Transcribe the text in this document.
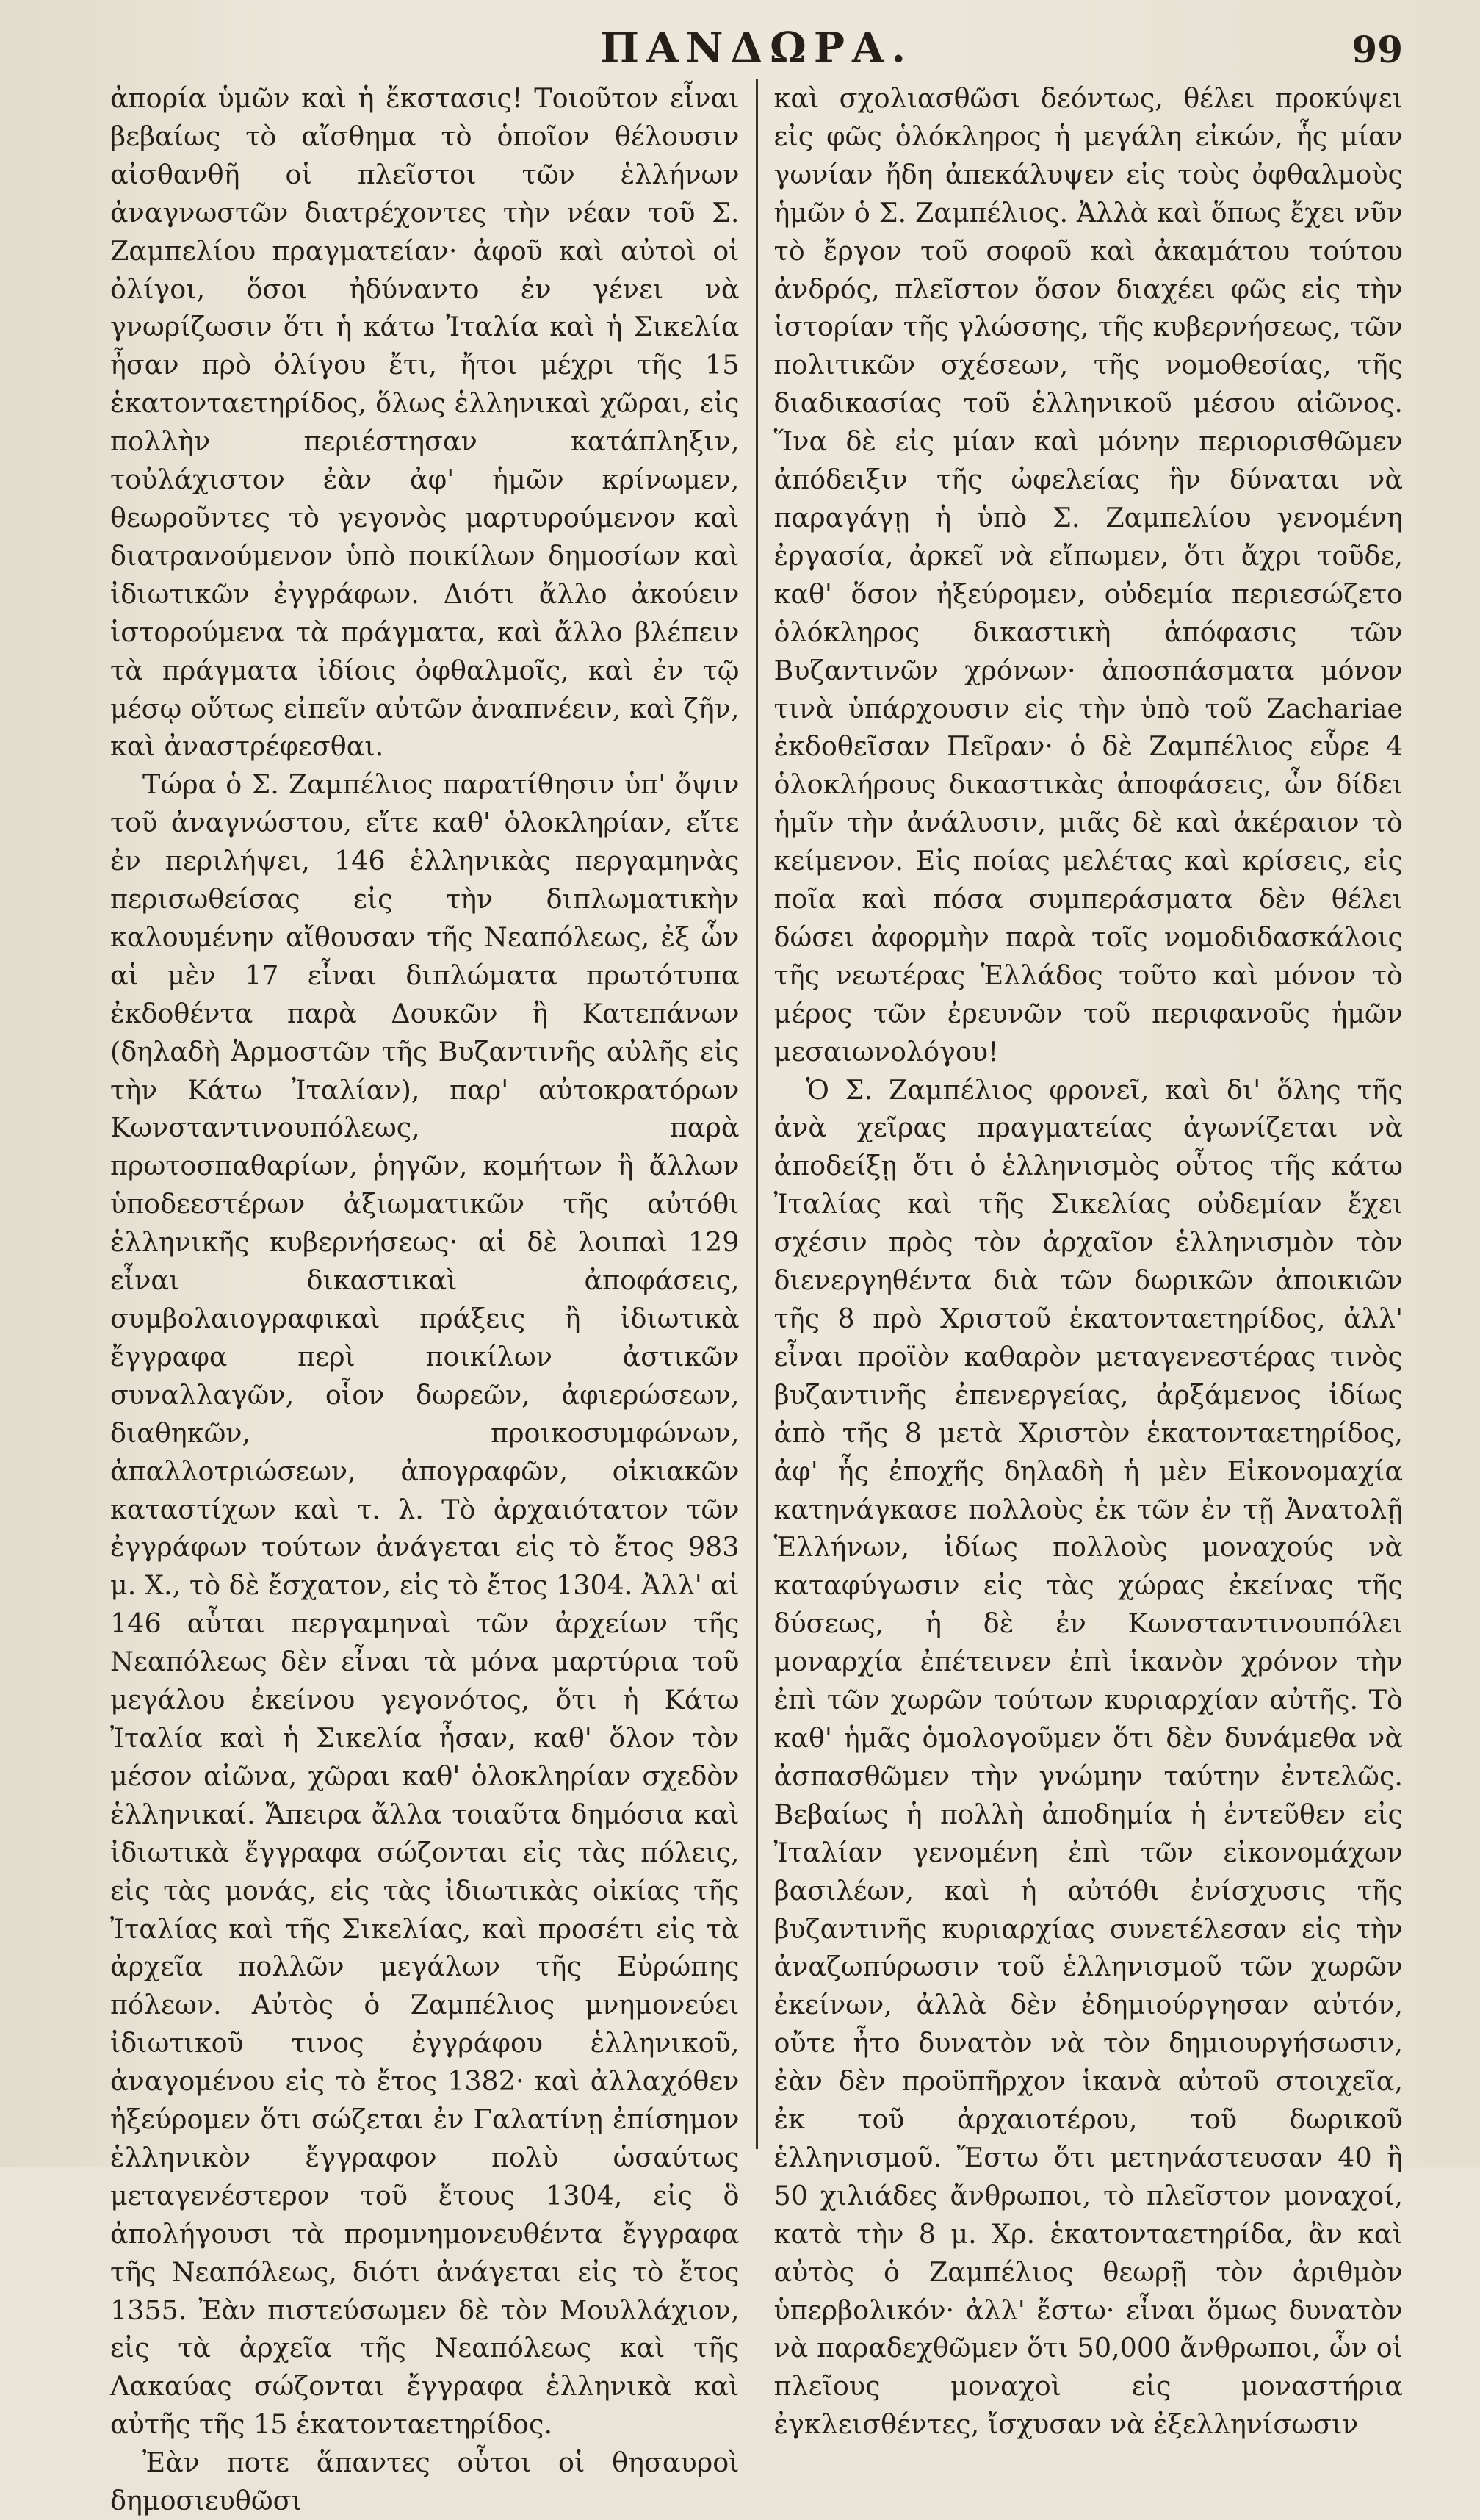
ΠΑΝΔΩΡΑ.	99

ἀπορία ὑμῶν καὶ ἡ ἔκστασις! Τοιοῦτον εἶναι βεβαίως τὸ αἴσθημα τὸ ὁποῖον θέλουσιν αἰσθανθῆ οἱ πλεῖστοι τῶν ἑλλήνων ἀναγνωστῶν διατρέχοντες τὴν νέαν τοῦ Σ. Ζαμπελίου πραγματείαν· ἀφοῦ καὶ αὐτοὶ οἱ ὀλίγοι, ὅσοι ἠδύναντο ἐν γένει νὰ γνωρίζωσιν ὅτι ἡ κάτω Ἰταλία καὶ ἡ Σικελία ἦσαν πρὸ ὀλίγου ἔτι, ἤτοι μέχρι τῆς 15 ἑκατονταετηρίδος, ὅλως ἑλληνικαὶ χῶραι, εἰς πολλὴν περιέστησαν κατάπληξιν, τοὐλάχιστον ἐὰν ἀφ' ἡμῶν κρίνωμεν, θεωροῦντες τὸ γεγονὸς μαρτυρούμενον καὶ διατρανούμενον ὑπὸ ποικίλων δημοσίων καὶ ἰδιωτικῶν ἐγγράφων. Διότι ἄλλο ἀκούειν ἱστορούμενα τὰ πράγματα, καὶ ἄλλο βλέπειν τὰ πράγματα ἰδίοις ὀφθαλμοῖς, καὶ ἐν τῷ μέσῳ οὕτως εἰπεῖν αὐτῶν ἀναπνέειν, καὶ ζῆν, καὶ ἀναστρέφεσθαι.

Τώρα ὁ Σ. Ζαμπέλιος παρατίθησιν ὑπ' ὄψιν τοῦ ἀναγνώστου, εἴτε καθ' ὁλοκληρίαν, εἴτε ἐν περιλήψει, 146 ἑλληνικὰς περγαμηνὰς περισωθείσας εἰς τὴν διπλωματικὴν καλουμένην αἴθουσαν τῆς Νεαπόλεως, ἐξ ὧν αἱ μὲν 17 εἶναι διπλώματα πρωτότυπα ἐκδοθέντα παρὰ Δουκῶν ἢ Κατεπάνων (δηλαδὴ Ἁρμοστῶν τῆς Βυζαντινῆς αὐλῆς εἰς τὴν Κάτω Ἰταλίαν), παρ' αὐτοκρατόρων Κωνσταντινουπόλεως, παρὰ πρωτοσπαθαρίων, ῥηγῶν, κομήτων ἢ ἄλλων ὑποδεεστέρων ἀξιωματικῶν τῆς αὐτόθι ἑλληνικῆς κυβερνήσεως· αἱ δὲ λοιπαὶ 129 εἶναι δικαστικαὶ ἀποφάσεις, συμβολαιογραφικαὶ πράξεις ἢ ἰδιωτικὰ ἔγγραφα περὶ ποικίλων ἀστικῶν συναλλαγῶν, οἷον δωρεῶν, ἀφιερώσεων, διαθηκῶν, προικοσυμφώνων, ἀπαλλοτριώσεων, ἀπογραφῶν, οἰκιακῶν καταστίχων καὶ τ. λ. Τὸ ἀρχαιότατον τῶν ἐγγράφων τούτων ἀνάγεται εἰς τὸ ἔτος 983 μ. Χ., τὸ δὲ ἔσχατον, εἰς τὸ ἔτος 1304. Ἀλλ' αἱ 146 αὗται περγαμηναὶ τῶν ἀρχείων τῆς Νεαπόλεως δὲν εἶναι τὰ μόνα μαρτύρια τοῦ μεγάλου ἐκείνου γεγονότος, ὅτι ἡ Κάτω Ἰταλία καὶ ἡ Σικελία ἦσαν, καθ' ὅλον τὸν μέσον αἰῶνα, χῶραι καθ' ὁλοκληρίαν σχεδὸν ἑλληνικαί. Ἄπειρα ἄλλα τοιαῦτα δημόσια καὶ ἰδιωτικὰ ἔγγραφα σώζονται εἰς τὰς πόλεις, εἰς τὰς μονάς, εἰς τὰς ἰδιωτικὰς οἰκίας τῆς Ἰταλίας καὶ τῆς Σικελίας, καὶ προσέτι εἰς τὰ ἀρχεῖα πολλῶν μεγάλων τῆς Εὐρώπης πόλεων. Αὐτὸς ὁ Ζαμπέλιος μνημονεύει ἰδιωτικοῦ τινος ἐγγράφου ἑλληνικοῦ, ἀναγομένου εἰς τὸ ἔτος 1382· καὶ ἀλλαχόθεν ἠξεύρομεν ὅτι σώζεται ἐν Γαλατίνῃ ἐπίσημον ἑλληνικὸν ἔγγραφον πολὺ ὡσαύτως μεταγενέστερον τοῦ ἔτους 1304, εἰς ὃ ἀπολήγουσι τὰ προμνημονευθέντα ἔγγραφα τῆς Νεαπόλεως, διότι ἀνάγεται εἰς τὸ ἔτος 1355. Ἐὰν πιστεύσωμεν δὲ τὸν Μουλλάχιον, εἰς τὰ ἀρχεῖα τῆς Νεαπόλεως καὶ τῆς Λακαύας σώζονται ἔγγραφα ἑλληνικὰ καὶ αὐτῆς τῆς 15 ἑκατονταετηρίδος.

Ἐὰν ποτε ἅπαντες οὗτοι οἱ θησαυροὶ δημοσιευθῶσι

καὶ σχολιασθῶσι δεόντως, θέλει προκύψει εἰς φῶς ὁλόκληρος ἡ μεγάλη εἰκών, ἧς μίαν γωνίαν ἤδη ἀπεκάλυψεν εἰς τοὺς ὀφθαλμοὺς ἡμῶν ὁ Σ. Ζαμπέλιος. Ἀλλὰ καὶ ὅπως ἔχει νῦν τὸ ἔργον τοῦ σοφοῦ καὶ ἀκαμάτου τούτου ἀνδρός, πλεῖστον ὅσον διαχέει φῶς εἰς τὴν ἱστορίαν τῆς γλώσσης, τῆς κυβερνήσεως, τῶν πολιτικῶν σχέσεων, τῆς νομοθεσίας, τῆς διαδικασίας τοῦ ἑλληνικοῦ μέσου αἰῶνος. Ἵνα δὲ εἰς μίαν καὶ μόνην περιορισθῶμεν ἀπόδειξιν τῆς ὠφελείας ἣν δύναται νὰ παραγάγῃ ἡ ὑπὸ Σ. Ζαμπελίου γενομένη ἐργασία, ἀρκεῖ νὰ εἴπωμεν, ὅτι ἄχρι τοῦδε, καθ' ὅσον ἠξεύρομεν, οὐδεμία περιεσώζετο ὁλόκληρος δικαστικὴ ἀπόφασις τῶν Βυζαντινῶν χρόνων· ἀποσπάσματα μόνον τινὰ ὑπάρχουσιν εἰς τὴν ὑπὸ τοῦ Zachariae ἐκδοθεῖσαν Πεῖραν· ὁ δὲ Ζαμπέλιος εὗρε 4 ὁλοκλήρους δικαστικὰς ἀποφάσεις, ὧν δίδει ἡμῖν τὴν ἀνάλυσιν, μιᾶς δὲ καὶ ἀκέραιον τὸ κείμενον. Εἰς ποίας μελέτας καὶ κρίσεις, εἰς ποῖα καὶ πόσα συμπεράσματα δὲν θέλει δώσει ἀφορμὴν παρὰ τοῖς νομοδιδασκάλοις τῆς νεωτέρας Ἑλλάδος τοῦτο καὶ μόνον τὸ μέρος τῶν ἐρευνῶν τοῦ περιφανοῦς ἡμῶν μεσαιωνολόγου!

Ὁ Σ. Ζαμπέλιος φρονεῖ, καὶ δι' ὅλης τῆς ἀνὰ χεῖρας πραγματείας ἀγωνίζεται νὰ ἀποδείξῃ ὅτι ὁ ἑλληνισμὸς οὗτος τῆς κάτω Ἰταλίας καὶ τῆς Σικελίας οὐδεμίαν ἔχει σχέσιν πρὸς τὸν ἀρχαῖον ἑλληνισμὸν τὸν διενεργηθέντα διὰ τῶν δωρικῶν ἀποικιῶν τῆς 8 πρὸ Χριστοῦ ἑκατονταετηρίδος, ἀλλ' εἶναι προϊὸν καθαρὸν μεταγενεστέρας τινὸς βυζαντινῆς ἐπενεργείας, ἀρξάμενος ἰδίως ἀπὸ τῆς 8 μετὰ Χριστὸν ἑκατονταετηρίδος, ἀφ' ἧς ἐποχῆς δηλαδὴ ἡ μὲν Εἰκονομαχία κατηνάγκασε πολλοὺς ἐκ τῶν ἐν τῇ Ἀνατολῇ Ἑλλήνων, ἰδίως πολλοὺς μοναχούς νὰ καταφύγωσιν εἰς τὰς χώρας ἐκείνας τῆς δύσεως, ἡ δὲ ἐν Κωνσταντινουπόλει μοναρχία ἐπέτεινεν ἐπὶ ἱκανὸν χρόνον τὴν ἐπὶ τῶν χωρῶν τούτων κυριαρχίαν αὐτῆς. Τὸ καθ' ἡμᾶς ὁμολογοῦμεν ὅτι δὲν δυνάμεθα νὰ ἀσπασθῶμεν τὴν γνώμην ταύτην ἐντελῶς. Βεβαίως ἡ πολλὴ ἀποδημία ἡ ἐντεῦθεν εἰς Ἰταλίαν γενομένη ἐπὶ τῶν εἰκονομάχων βασιλέων, καὶ ἡ αὐτόθι ἐνίσχυσις τῆς βυζαντινῆς κυριαρχίας συνετέλεσαν εἰς τὴν ἀναζωπύρωσιν τοῦ ἑλληνισμοῦ τῶν χωρῶν ἐκείνων, ἀλλὰ δὲν ἐδημιούργησαν αὐτόν, οὔτε ἦτο δυνατὸν νὰ τὸν δημιουργήσωσιν, ἐὰν δὲν προϋπῆρχον ἱκανὰ αὐτοῦ στοιχεῖα, ἐκ τοῦ ἀρχαιοτέρου, τοῦ δωρικοῦ ἑλληνισμοῦ. Ἔστω ὅτι μετηνάστευσαν 40 ἢ 50 χιλιάδες ἄνθρωποι, τὸ πλεῖστον μοναχοί, κατὰ τὴν 8 μ. Χρ. ἑκατονταετηρίδα, ἂν καὶ αὐτὸς ὁ Ζαμπέλιος θεωρῇ τὸν ἀριθμὸν ὑπερβολικόν· ἀλλ' ἔστω· εἶναι ὅμως δυνατὸν νὰ παραδεχθῶμεν ὅτι 50,000 ἄνθρωποι, ὧν οἱ πλεῖους μοναχοὶ εἰς μοναστήρια ἐγκλεισθέντες, ἴσχυσαν νὰ ἐξελληνίσωσιν
